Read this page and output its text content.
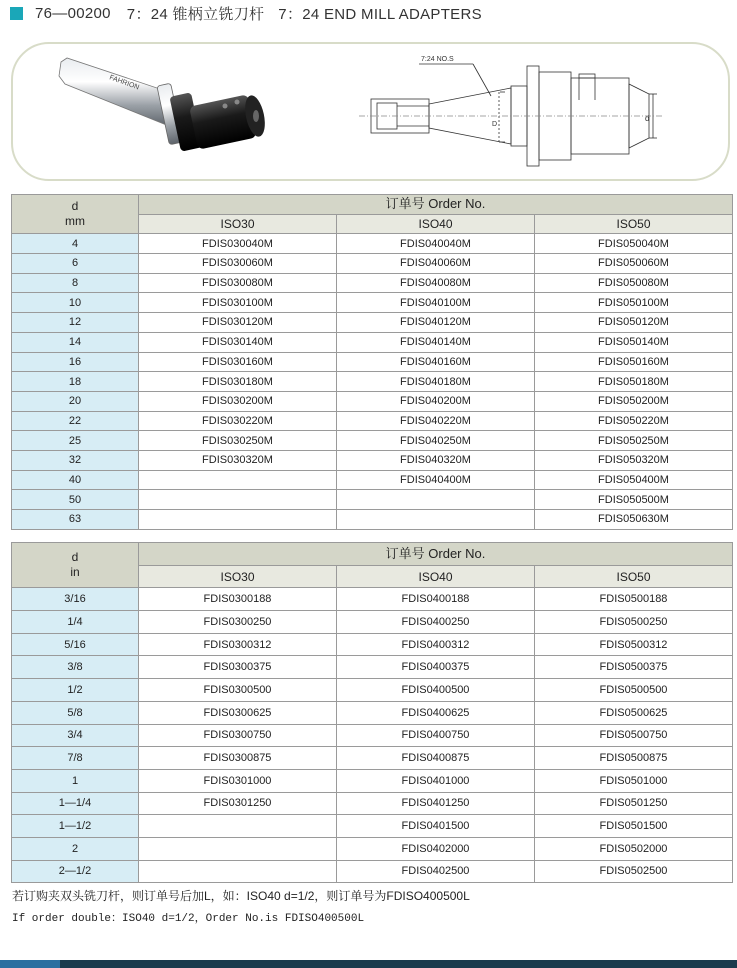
76—00200 7：24 锥柄立铣刀杆 7：24 END MILL ADAPTERS
FAHRION
7:24 NO.S
D
d
d
mm	订单号 Order No.		
	ISO30	ISO40	ISO50
4	FDIS030040M	FDIS040040M	FDIS050040M
6	FDIS030060M	FDIS040060M	FDIS050060M
8	FDIS030080M	FDIS040080M	FDIS050080M
10	FDIS030100M	FDIS040100M	FDIS050100M
12	FDIS030120M	FDIS040120M	FDIS050120M
14	FDIS030140M	FDIS040140M	FDIS050140M
16	FDIS030160M	FDIS040160M	FDIS050160M
18	FDIS030180M	FDIS040180M	FDIS050180M
20	FDIS030200M	FDIS040200M	FDIS050200M
22	FDIS030220M	FDIS040220M	FDIS050220M
25	FDIS030250M	FDIS040250M	FDIS050250M
32	FDIS030320M	FDIS040320M	FDIS050320M
40		FDIS040400M	FDIS050400M
50			FDIS050500M
63			FDIS050630M
d
in	订单号 Order No.		
	ISO30	ISO40	ISO50
3/16	FDIS0300188	FDIS0400188	FDIS0500188
1/4	FDIS0300250	FDIS0400250	FDIS0500250
5/16	FDIS0300312	FDIS0400312	FDIS0500312
3/8	FDIS0300375	FDIS0400375	FDIS0500375
1/2	FDIS0300500	FDIS0400500	FDIS0500500
5/8	FDIS0300625	FDIS0400625	FDIS0500625
3/4	FDIS0300750	FDIS0400750	FDIS0500750
7/8	FDIS0300875	FDIS0400875	FDIS0500875
1	FDIS0301000	FDIS0401000	FDIS0501000
1—1/4	FDIS0301250	FDIS0401250	FDIS0501250
1—1/2		FDIS0401500	FDIS0501500
2		FDIS0402000	FDIS0502000
2—1/2		FDIS0402500	FDIS0502500
若订购夹双头铣刀杆，则订单号后加L，如：ISO40 d=1/2，则订单号为FDISO400500L
If order double：ISO40 d=1/2，Order No.is FDISO400500L
